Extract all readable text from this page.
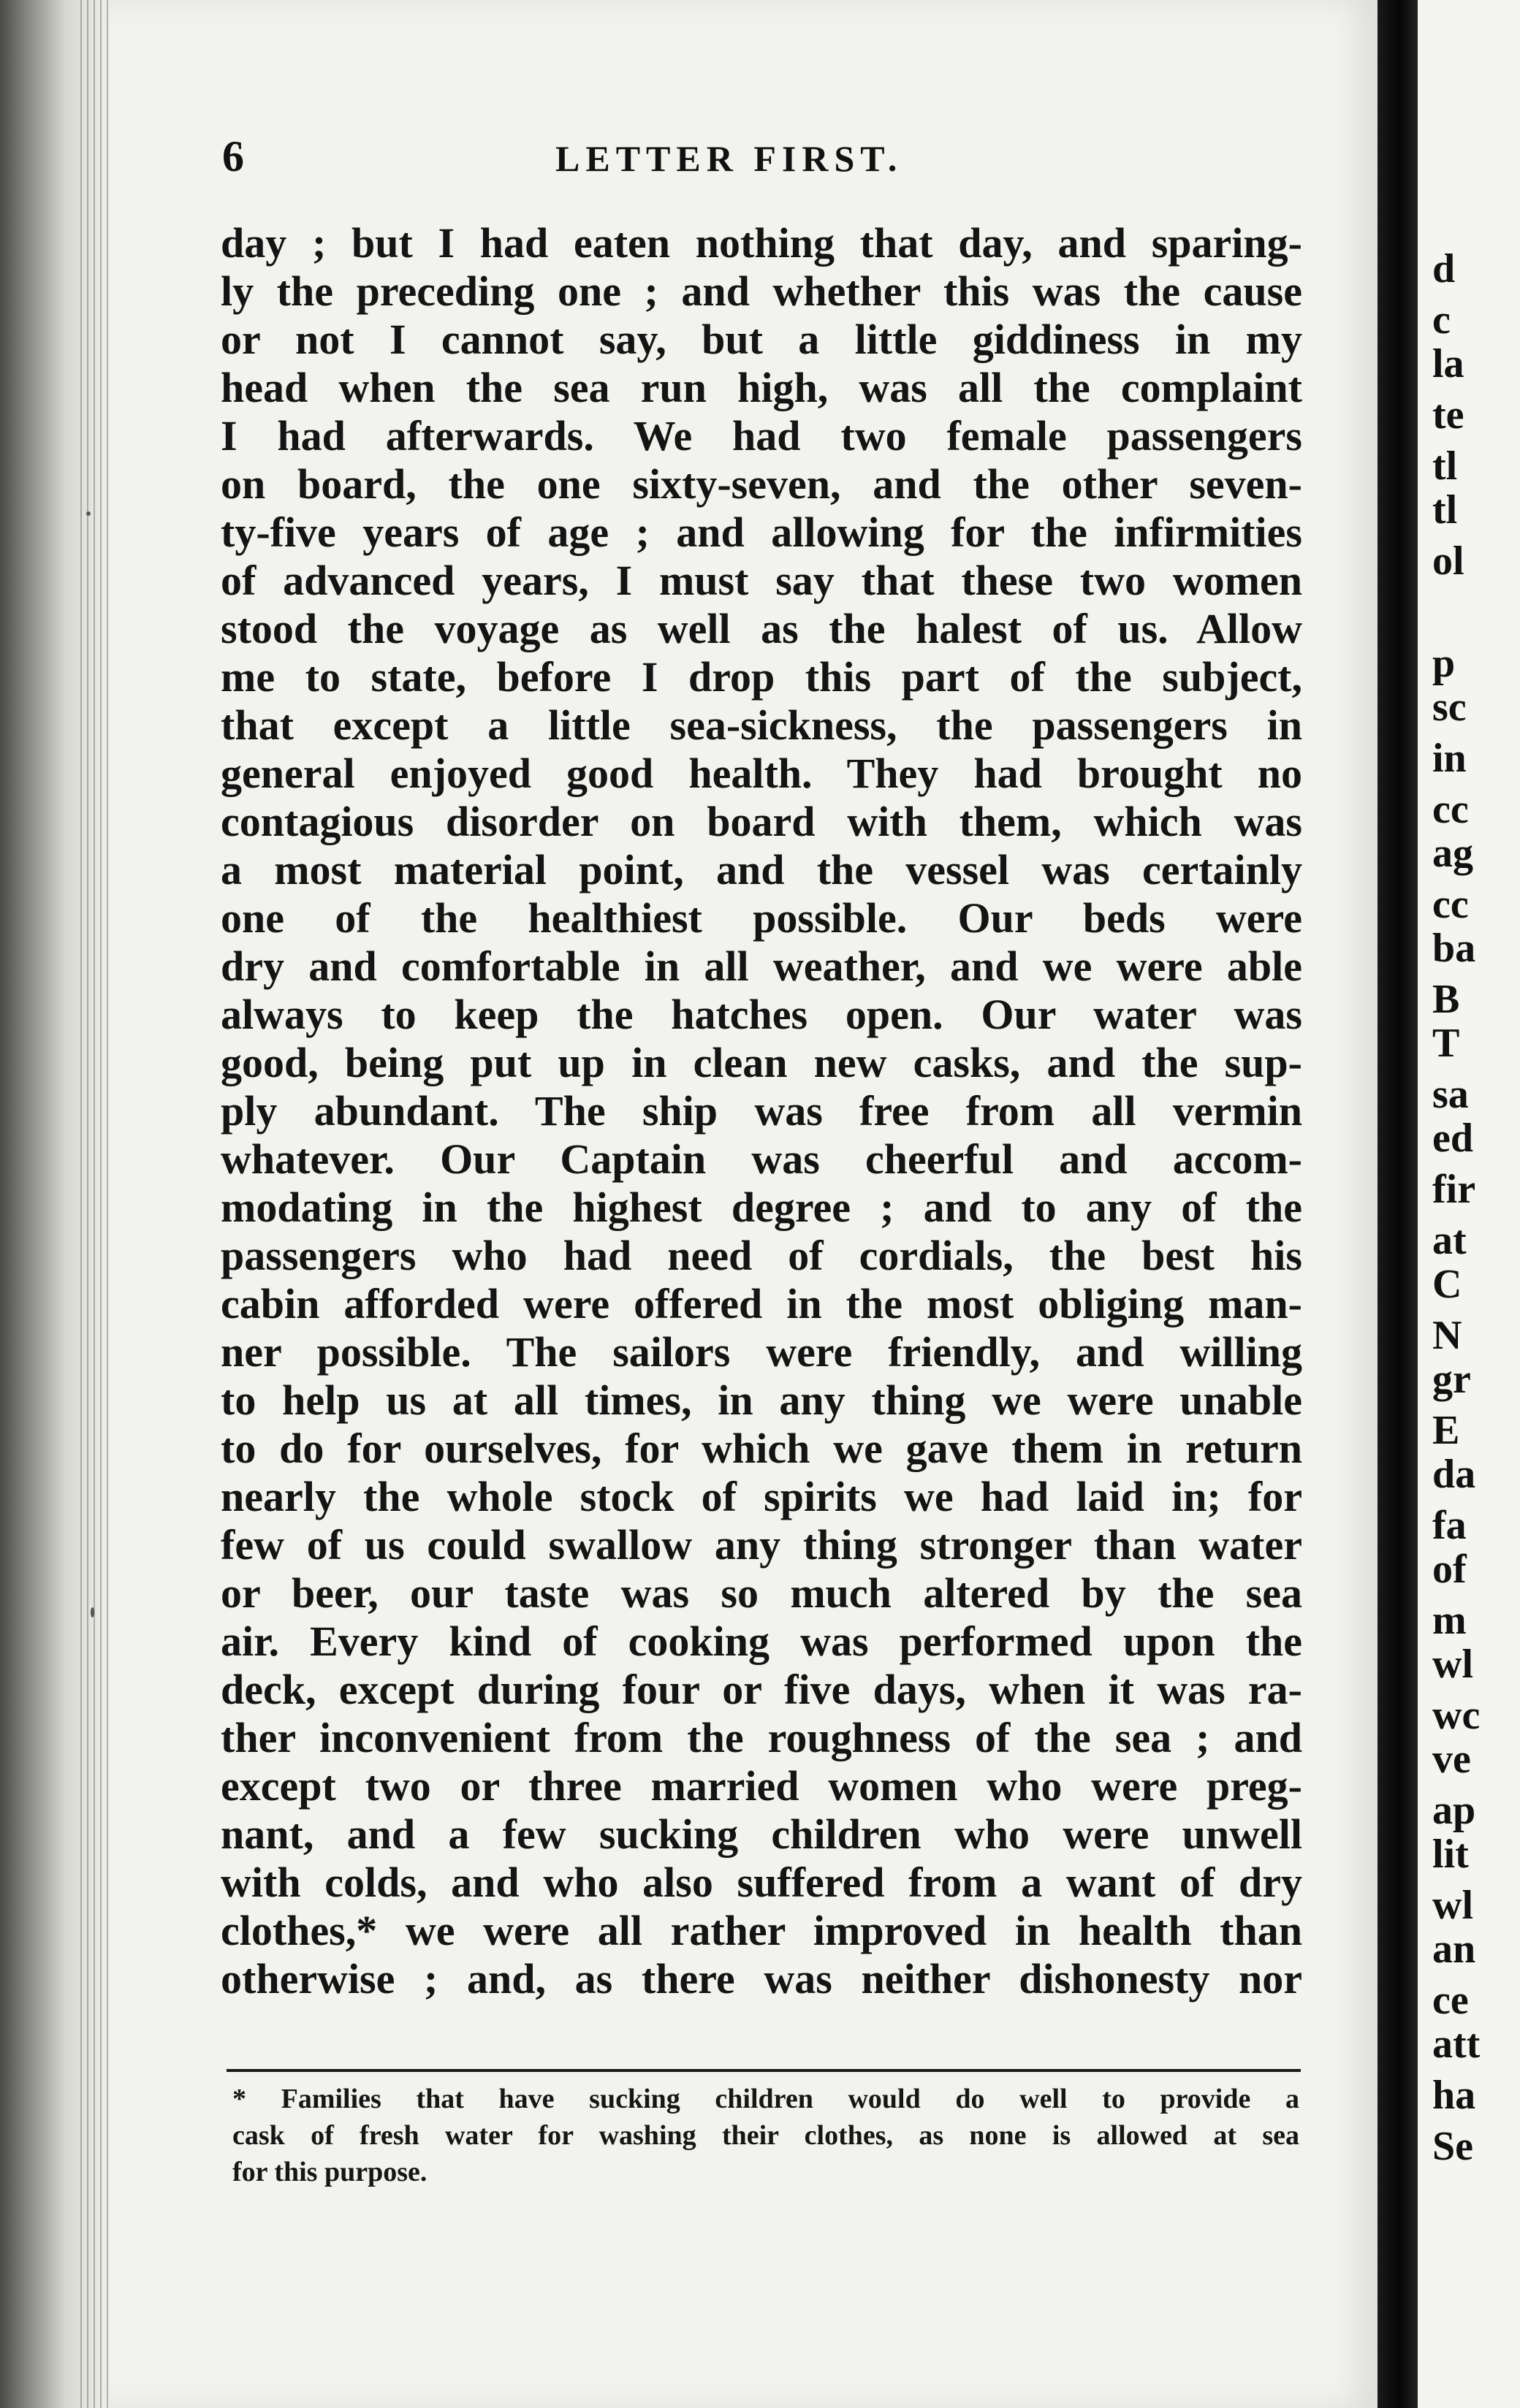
6	LETTER FIRST.
day ; but I had eaten nothing that day, and sparing-
ly the preceding one ; and whether this was the cause
or not I cannot say, but a little giddiness in my
head when the sea run high, was all the complaint
I had afterwards. We had two female passengers
on board, the one sixty-seven, and the other seven-
ty-five years of age ; and allowing for the infirmities
of advanced years, I must say that these two women
stood the voyage as well as the halest of us. Allow
me to state, before I drop this part of the subject,
that except a little sea-sickness, the passengers in
general enjoyed good health. They had brought no
contagious disorder on board with them, which was
a most material point, and the vessel was certainly
one of the healthiest possible. Our beds were
dry and comfortable in all weather, and we were able
always to keep the hatches open. Our water was
good, being put up in clean new casks, and the sup-
ply abundant. The ship was free from all vermin
whatever. Our Captain was cheerful and accom-
modating in the highest degree ; and to any of the
passengers who had need of cordials, the best his
cabin afforded were offered in the most obliging man-
ner possible. The sailors were friendly, and willing
to help us at all times, in any thing we were unable
to do for ourselves, for which we gave them in return
nearly the whole stock of spirits we had laid in; for
few of us could swallow any thing stronger than water
or beer, our taste was so much altered by the sea
air. Every kind of cooking was performed upon the
deck, except during four or five days, when it was ra-
ther inconvenient from the roughness of the sea ; and
except two or three married women who were preg-
nant, and a few sucking children who were unwell
with colds, and who also suffered from a want of dry
clothes,* we were all rather improved in health than
otherwise ; and, as there was neither dishonesty nor
* Families that have sucking children would do well to provide a
cask of fresh water for washing their clothes, as none is allowed at sea
for this purpose.
d
c
la
te
tl
tl
ol
p
sc
in
cc
ag
cc
ba
B
T
sa
ed
fir
at
C
N
gr
E
da
fa
of
m
wl
wc
ve
ap
lit
wl
an
ce
att
ha
Se
